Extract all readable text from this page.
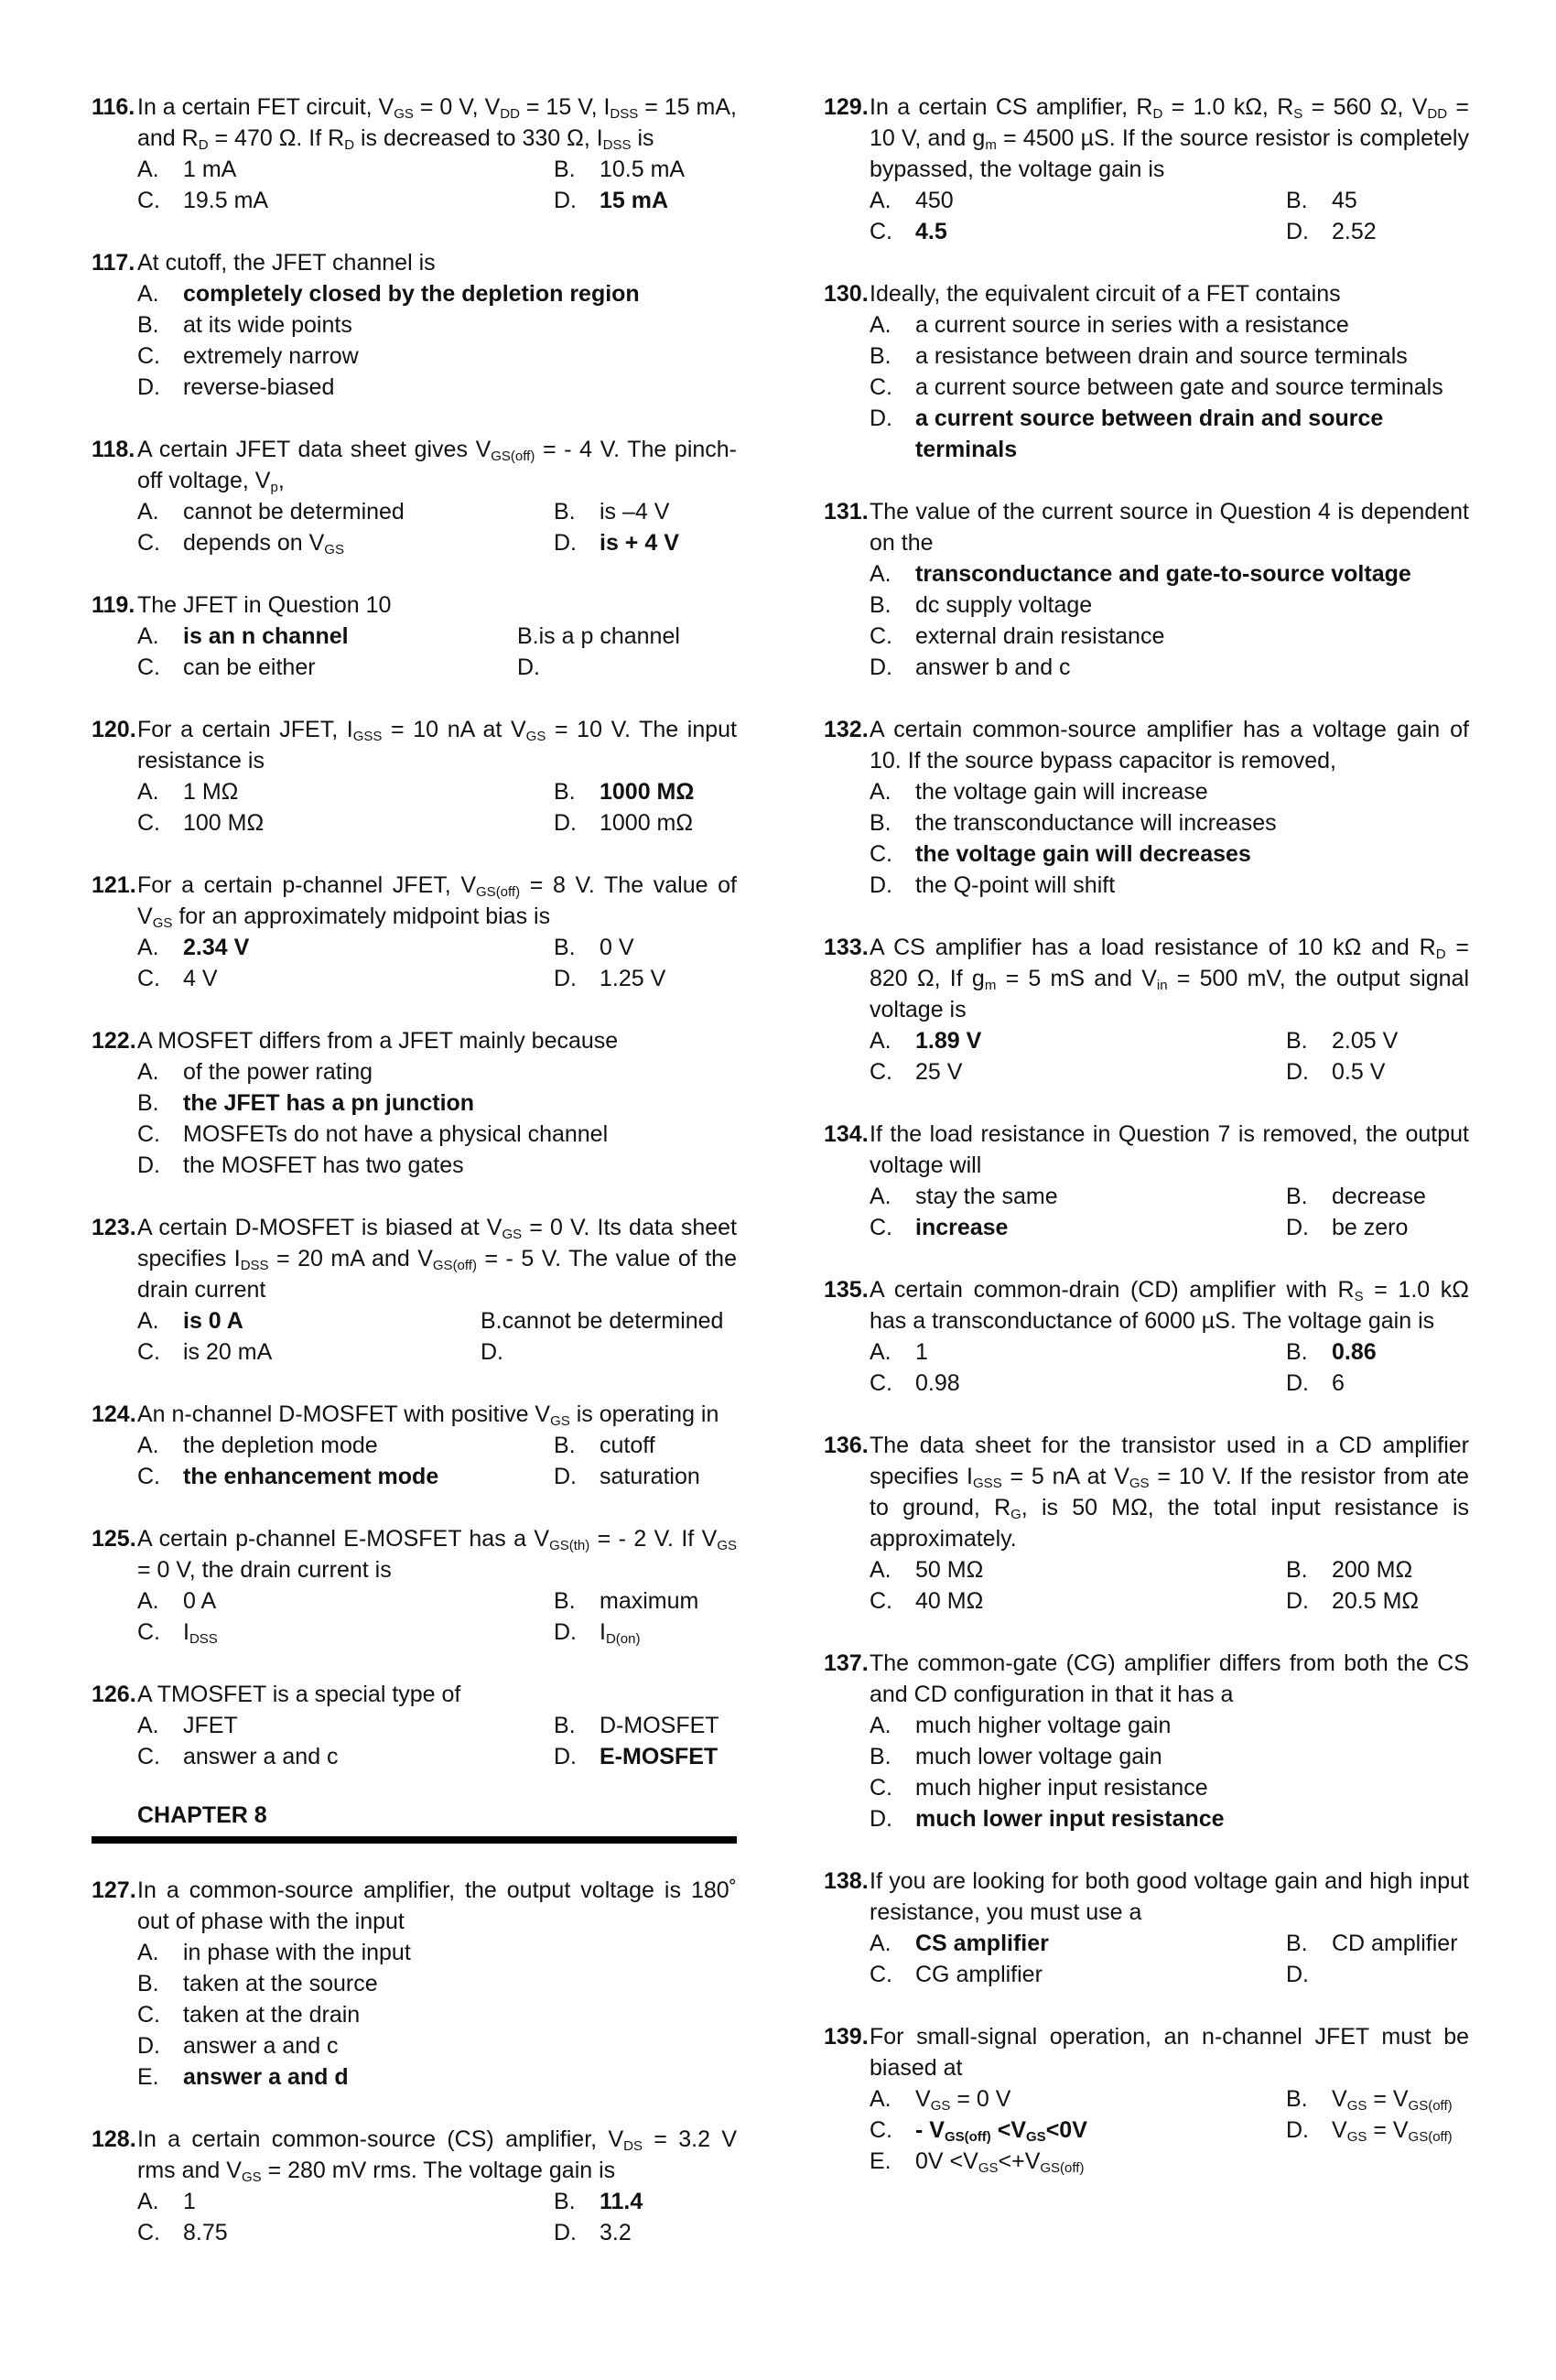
116. In a certain FET circuit, $V_{GS} = 0$ V, $V_{DD} = 15$ V, $I_{DSS} = 15$ mA, and $R_D = 470$ Ω. If $R_D$ is decreased to 330 Ω, $I_{DSS}$ is
A.	1 mA	B.	10.5 mA
C.	19.5 mA	D.	15 mA
117. At cutoff, the JFET channel is
A.	completely closed by the depletion region
B.	at its wide points
C.	extremely narrow
D.	reverse-biased
118. A certain JFET data sheet gives $V_{GS(off)}$ = - 4 V. The pinch-off voltage, $V_p$,
A.	cannot be determined	B.	is –4 V
C.	depends on $V_{GS}$	D.	is + 4 V
119. The JFET in Question 10
A.	is an n channel	B. is a p channel
C.	can be either	D.
120. For a certain JFET, $I_{GSS} = 10$ nA at $V_{GS} = 10$ V. The input resistance is
A.	1 MΩ	B.	1000 MΩ
C.	100 MΩ	D.	1000 mΩ
121. For a certain p-channel JFET, $V_{GS(off)} = 8$ V. The value of $V_{GS}$ for an approximately midpoint bias is
A.	2.34 V	B.	0 V
C.	4 V	D.	1.25 V
122. A MOSFET differs from a JFET mainly because
A.	of the power rating
B.	the JFET has a pn junction
C.	MOSFETs do not have a physical channel
D.	the MOSFET has two gates
123. A certain D-MOSFET is biased at $V_{GS} = 0$ V. Its data sheet specifies $I_{DSS} = 20$ mA and $V_{GS(off)}$ = - 5 V. The value of the drain current
A.	is 0 A	B. cannot be determined
C.	is 20 mA	D.
124. An n-channel D-MOSFET with positive $V_{GS}$ is operating in
A.	the depletion mode	B.	cutoff
C.	the enhancement mode	D.	saturation
125. A certain p-channel E-MOSFET has a $V_{GS(th)}$ = - 2 V. If $V_{GS} = 0$ V, the drain current is
A.	0 A	B.	maximum
C.	$I_{DSS}$	D.	$I_{D(on)}$
126. A TMOSFET is a special type of
A.	JFET	B.	D-MOSFET
C.	answer a and c	D.	E-MOSFET
CHAPTER 8
127. In a common-source amplifier, the output voltage is 180˚ out of phase with the input
A.	in phase with the input
B.	taken at the source
C.	taken at the drain
D.	answer a and c
E.	answer a and d
128. In a certain common-source (CS) amplifier, $V_{DS} = 3.2$ V rms and $V_{GS} = 280$ mV rms. The voltage gain is
A.	1	B.	11.4
C.	8.75	D.	3.2
129. In a certain CS amplifier, $R_D = 1.0$ kΩ, $R_S = 560$ Ω, $V_{DD} = 10$ V, and $g_m = 4500$ µS. If the source resistor is completely bypassed, the voltage gain is
A.	450	B.	45
C.	4.5	D.	2.52
130. Ideally, the equivalent circuit of a FET contains
A.	a current source in series with a resistance
B.	a resistance between drain and source terminals
C.	a current source between gate and source terminals
D.	a current source between drain and source terminals
131. The value of the current source in Question 4 is dependent on the
A.	transconductance and gate-to-source voltage
B.	dc supply voltage
C.	external drain resistance
D.	answer b and c
132. A certain common-source amplifier has a voltage gain of 10. If the source bypass capacitor is removed,
A.	the voltage gain will increase
B.	the transconductance will increases
C.	the voltage gain will decreases
D.	the Q-point will shift
133. A CS amplifier has a load resistance of 10 kΩ and $R_D = 820$ Ω, If $g_m = 5$ mS and $V_{in} = 500$ mV, the output signal voltage is
A.	1.89 V	B.	2.05 V
C.	25 V	D.	0.5 V
134. If the load resistance in Question 7 is removed, the output voltage will
A.	stay the same	B.	decrease
C.	increase	D.	be zero
135. A certain common-drain (CD) amplifier with $R_S = 1.0$ kΩ has a transconductance of 6000 µS. The voltage gain is
A.	1	B.	0.86
C.	0.98	D.	6
136. The data sheet for the transistor used in a CD amplifier specifies $I_{GSS} = 5$ nA at $V_{GS} = 10$ V. If the resistor from ate to ground, $R_G$, is 50 MΩ, the total input resistance is approximately.
A.	50 MΩ	B.	200 MΩ
C.	40 MΩ	D.	20.5 MΩ
137. The common-gate (CG) amplifier differs from both the CS and CD configuration in that it has a
A.	much higher voltage gain
B.	much lower voltage gain
C.	much higher input resistance
D.	much lower input resistance
138. If you are looking for both good voltage gain and high input resistance, you must use a
A.	CS amplifier	B.	CD amplifier
C.	CG amplifier	D.
139. For small-signal operation, an n-channel JFET must be biased at
A.	$V_{GS} = 0$ V	B.	$V_{GS} = V_{GS(off)}$
C.	- $V_{GS(off)} <V_{GS}<0V$	D.	$V_{GS} = V_{GS(off)}$
E.	$0V <V_{GS}<+V_{GS(off)}$
